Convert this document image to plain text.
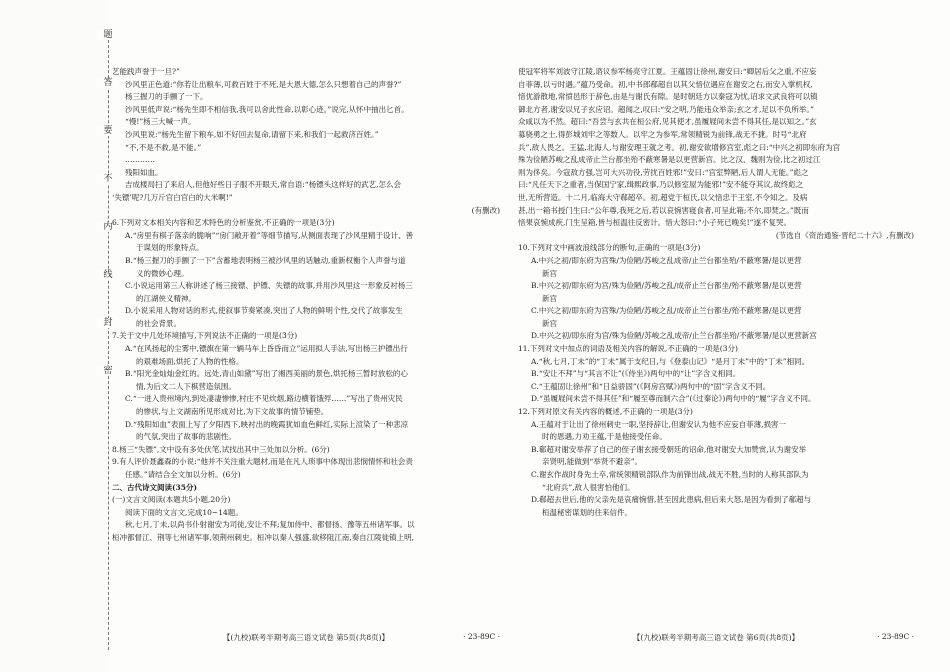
题
答
要
不
内
线
封
密

艺能践声誉于一旦?”

沙风里正色道:“你若让出粮车,可救百姓于不死,是大恩大德,怎么只想着自己的声誉?”

杨三握刀的手颤了一下。

沙风里低声说:“杨先生即不相信我,我可以舍此性命,以彰心迹。”说完,从怀中抽出匕首。

“慢!”杨三大喊一声。

沙风里说:“杨先生留下粮车,如不好回去复命,请留下来,和我们一起救济百姓。”

“不,不是不救,是不能。”

…………

残阳如血。

吉成楼局扫了来启人,但他好些日子服不开眼天,常自语:“杨镖头这样好的武艺,怎么会

‘失镖’呢?几万斤官白官白的大米啊!”

(有删改)

6.下列对文本相关内容和艺术特色的分析鉴赏,不正确的一项是(3分)

A.“房里有棋子落亲的脆响”“房门敞开着”等细节描写,从侧面表现了沙风里精于设计、善

于谋划的形象特点。

B.“杨三握刀的手颤了一下”含蓄地表明杨三被沙风里的话触动,重新权衡个人声誉与道

义的微妙心理。

C.小说运用第三人称讲述了杨三接镖、护镖、失镖的故事,并用沙风里这一形象反衬杨三

的江湖侠义精神。

D.小说采用人物对话的形式,使叙事节奏紧凑,突出了人物的鲜明个性,交代了故事发生

的社会背景。

7.关于文中几处环境描写,下列说法不正确的一项是(3分)

A.“在风扬起的尘雾中,镖旗在第一辆马车上昏昏而立”运用拟人手法,写出杨三护镖出行

的艰难场面,烘托了人物的性格。

B.“阳光金灿灿金红的。远处,青山如黛”写出了湘西美丽的景色,烘托杨三暂时放松的心

情,为后文二人下棋营造氛围。

C.“一进入贵州境内,到处凄凄惨惨,村庄不见炊烟,路边横着饿殍……”写出了贵州灾民

的惨状,与上文湖南所见形成对比,为下文故事的情节铺垫。

D.“残阳如血”表面上写了夕阳西下,映衬出的晚霞犹如血色鲜红,实际上渲染了一种悲凉

的气氛,突出了故事的悲剧性。

8.杨三“失镖”,文中设有多处伏笔,试找出其中三处加以分析。(6分)

9.有人评价聂鑫森的小说:“他并不关注重大题材,而是在凡人琐事中体现出悲悯情怀和社会责

任感。”请结合全文加以分析。(6分)

二、古代诗文阅读(35分)

(一)文言文阅读(本题共5小题,20分)

阅读下面的文言文,完成10~14题。

秋,七月,丁未,以尚书仆射谢安为司徒,安让不拜;复加侍中、都督扬、豫等五州诸军事。以

桓冲都督江、荆等七州诸军事,领荆州刺史。桓冲以秦人强盛,欲移阻江南,奏自江陵徙镇上明,

使冠军将军刘波守江陵,谘议参军杨亮守江夏。王蕴固让徐州,谢安曰:“卿居后父之重,不应妄

自菲薄,以亏时遇。”蕴乃受命。初,中书郎郗超自以其父愔位遇应在谢安之右,而安入掌机权,

愔优游散地,常愤邑形于辞色,由是与谢氏有隙。是时朝廷方以秦寇为忧,诏求文武良将可以镇

御北方者,谢安以兄子玄应诏。超闻之,叹曰:“安之明,乃能违众举亲;玄之才,足以不负所举。”

众咸以为不然。超曰:“吾尝与玄共在桓公府,见其使才,虽履屐间未尝不得其任,是以知之。”玄

募骁勇之士,得彭城刘牢之等数人。以牢之为参军,常领精锐为前锋,战无不捷。时号“北府

兵”,敌人畏之。王猛,北海人,与谢安理王就之考。初,谢安欲增修宫室,彪之曰:“中兴之初即东府为宫

殊为俭陋苏峻之乱成帝止兰台都坐殆不蔽寒暑是以更营新宫。比之汉、魏则为俭,比之初过江

则为侈矣。今寇敌方强,岂可大兴功役,劳扰百姓邪!”安曰:“宫室弊陋,后人谓人无能。”彪之

曰:“凡任天下之重者,当保国宁家,缉熙政事,乃以修室屋为能邪!”安不能夺其议,故终彪之

世,无所营造。十二月,临海大守郗超卒。初,超党于桓氏,以父愔忠于王室,不令知之。及病

甚,出一箱书授门生曰:“公年尊,我死之后,若以哀惋害寝食者,可呈此箱;不尔,即焚之。”既而

愔果哀惋成疾,门生呈箱,皆与桓温往反密计。愔大怒曰:“小子死已晚矣!”遂不复哭。

(节选自《资治通鉴·晋纪二十六》,有删改)

10.下列对文中画波浪线部分的断句,正确的一项是(3分)

A.中兴之初/即东府为宫殊/为俭陋/苏峻之乱成帝/止兰台都坐殆/不蔽寒暑/是以更营

新宫

B.中兴之初/即东府为宫/殊为俭陋/苏峻之乱/成帝止兰台都坐/殆不蔽寒暑/是以更营

新宫

C.中兴之初/即东府为宫殊/为俭陋/苏峻之乱/成帝止兰台都坐/殆不蔽寒暑/是以更营

新宫

D.中兴之初/即东府为宫/殊为俭陋/苏峻之乱成帝/止兰台都坐殆/不蔽寒暑/是以更营新宫

11.下列对文中加点的词语及相关内容的解说,不正确的一项是(3分)

A.“秋,七月,丁未”的“丁未”属于支纪日,与《登泰山记》“是月丁未”中的“丁未”相同。

B.“安让不拜”与“其言不让”(《侍坐》)两句中的“让”字含义相同。

C.“王蕴固让徐州”和“日益骄固”(《阿房宫赋》)两句中的“固”字含义不同。

D.“虽履屐间未尝不得其任”和“履至尊而制六合”(《过秦论》)两句中的“履”字含义不同。

12.下列对原文有关内容的概述,不正确的一项是(3分)

A.王蕴对于让出了徐州刺史一职,坚持辞让,但谢安认为他不应妄自菲薄,损害一

时的恩遇,力劝王蕴,于是他接受任命。

B.郗超对谢安举荐了自己的侄子谢玄接受朝廷的诏命,他对谢安大加赞赏,认为谢安举

亲贤明,能做到“举贤不避亲”。

C.谢玄作战时身先士卒,常统领精锐部队作为前锋出战,战无不胜,当时的人称其部队为

“北府兵”,敌人很害怕他们。

D.郗超去世后,他的父亲先是哀痛惋惜,甚至因此患病,但后来大怒,是因为看到了郗超与

桓温秘密谋划的往来信件。

【(九校)联考半期考高三语文试卷 第5页(共8页)】	· 23-89C ·	【(九校)联考半期考高三语文试卷 第6页(共8页)】	· 23-89C ·
